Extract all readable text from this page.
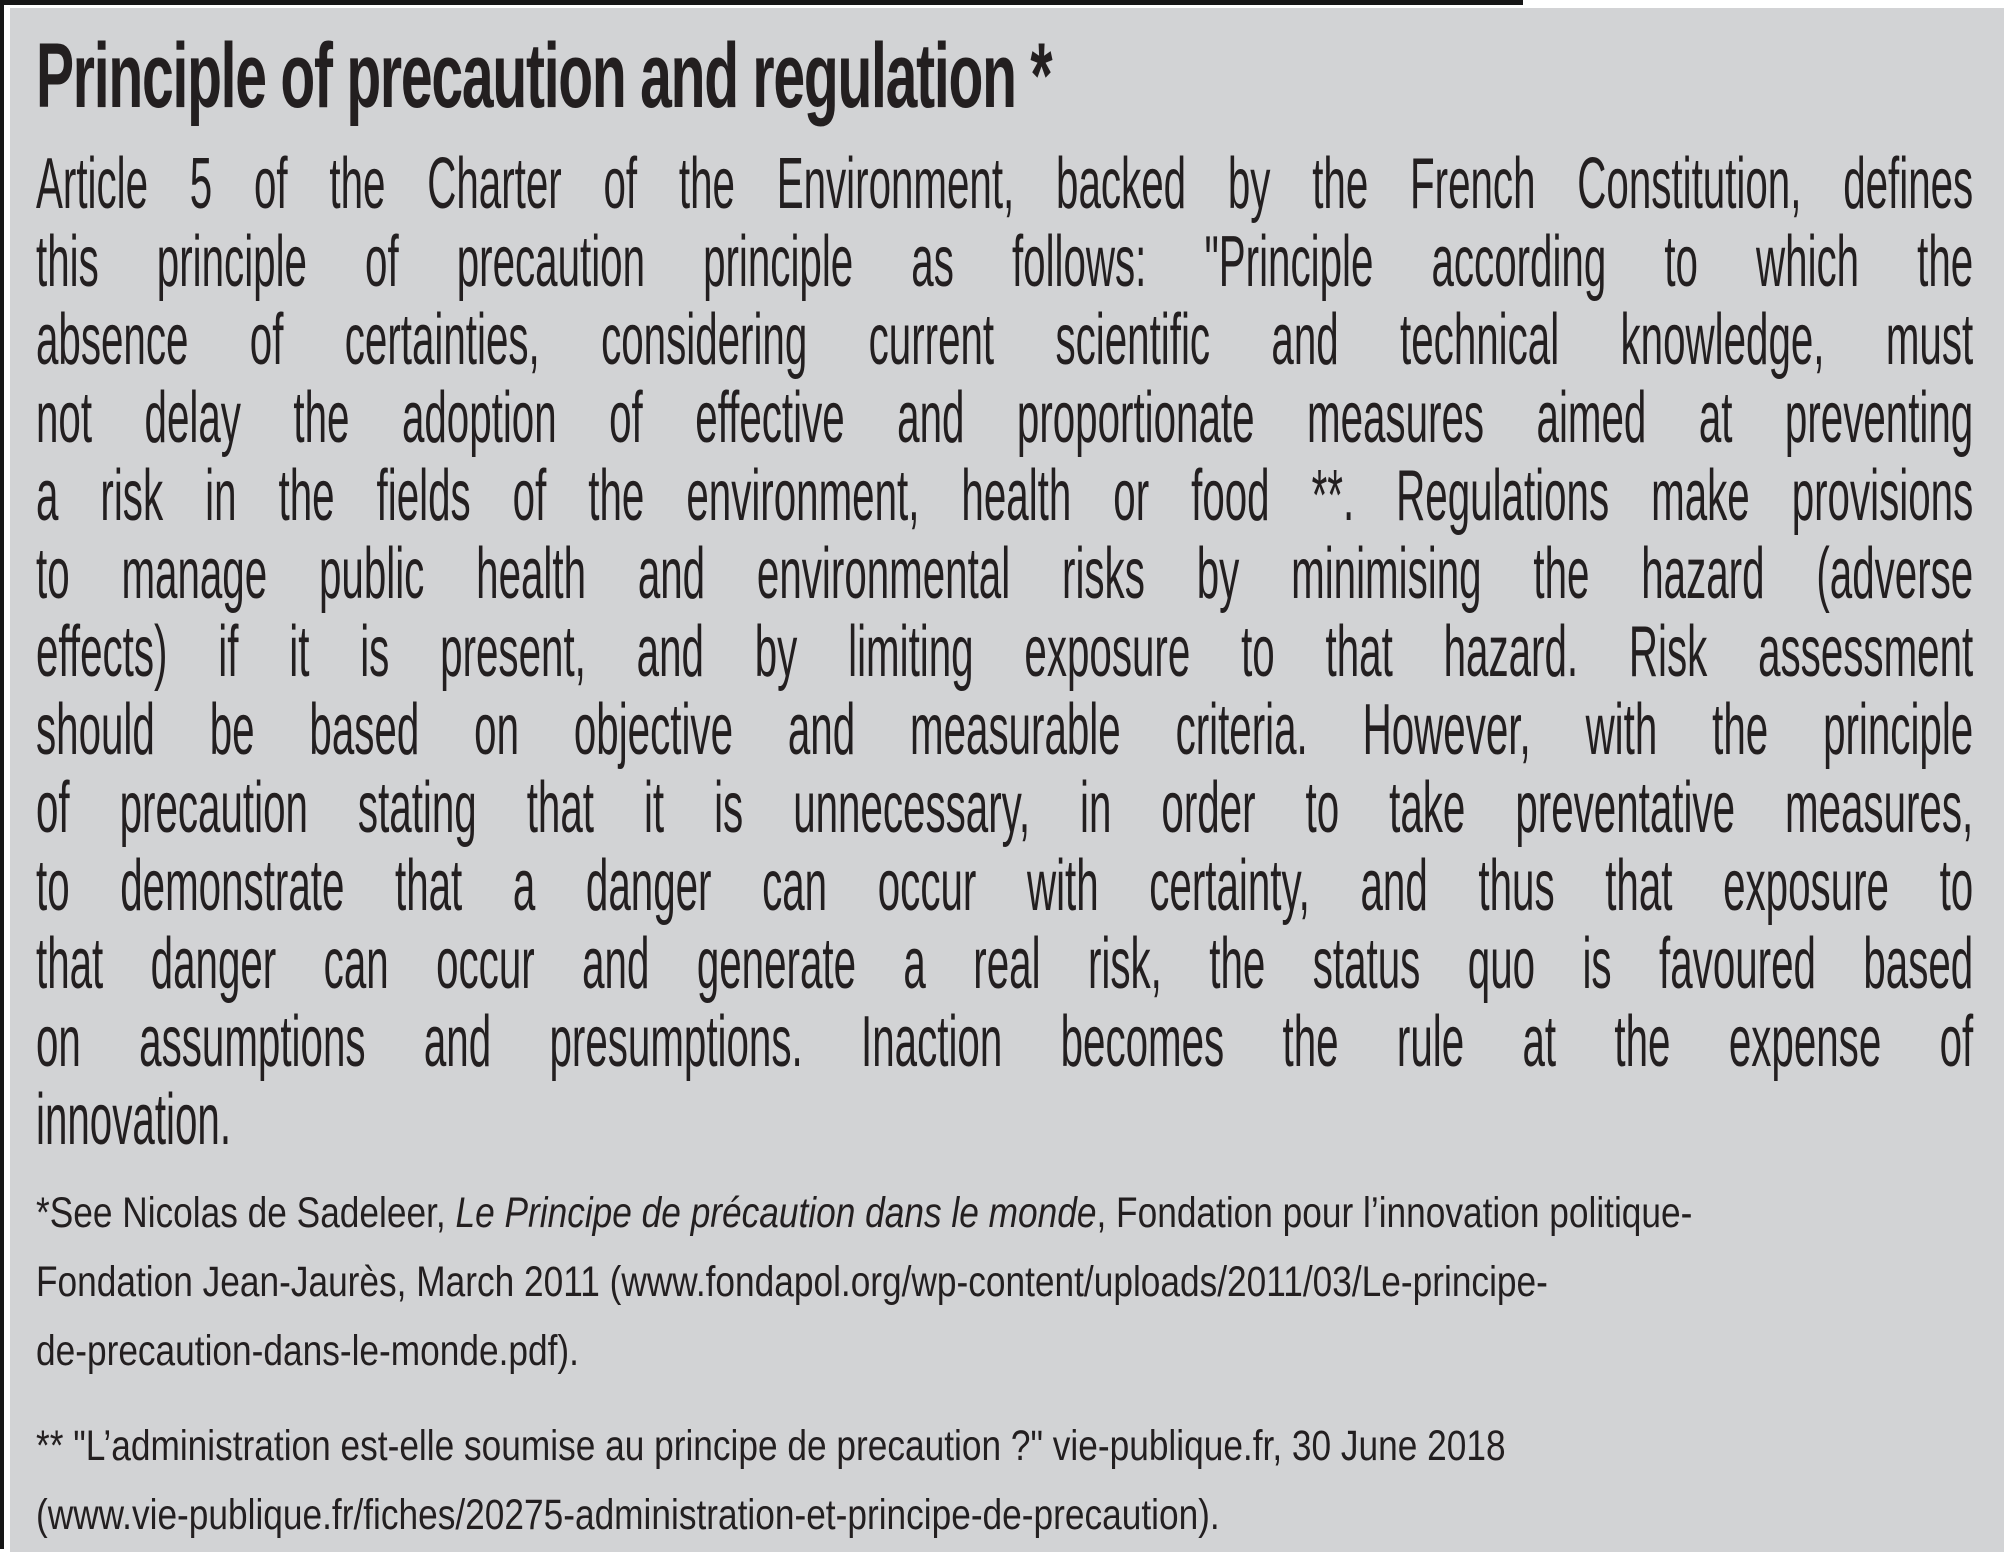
Principle of precaution and regulation *
Article 5 of the Charter of the Environment, backed by the French Constitution, defines
this principle of precaution principle as follows: "Principle according to which the
absence of certainties, considering current scientific and technical knowledge, must
not delay the adoption of effective and proportionate measures aimed at preventing
a risk in the fields of the environment, health or food **. Regulations make provisions
to manage public health and environmental risks by minimising the hazard (adverse
effects) if it is present, and by limiting exposure to that hazard. Risk assessment
should be based on objective and measurable criteria. However, with the principle
of precaution stating that it is unnecessary, in order to take preventative measures,
to demonstrate that a danger can occur with certainty, and thus that exposure to
that danger can occur and generate a real risk, the status quo is favoured based
on assumptions and presumptions. Inaction becomes the rule at the expense of
innovation.
*See Nicolas de Sadeleer, Le Principe de précaution dans le monde, Fondation pour l’innovation politique-
Fondation Jean-Jaurès, March 2011 (www.fondapol.org/wp-content/uploads/2011/03/Le-principe-
de-precaution-dans-le-monde.pdf).
** "L’administration est-elle soumise au principe de precaution ?" vie-publique.fr, 30 June 2018
(www.vie-publique.fr/fiches/20275-administration-et-principe-de-precaution).
